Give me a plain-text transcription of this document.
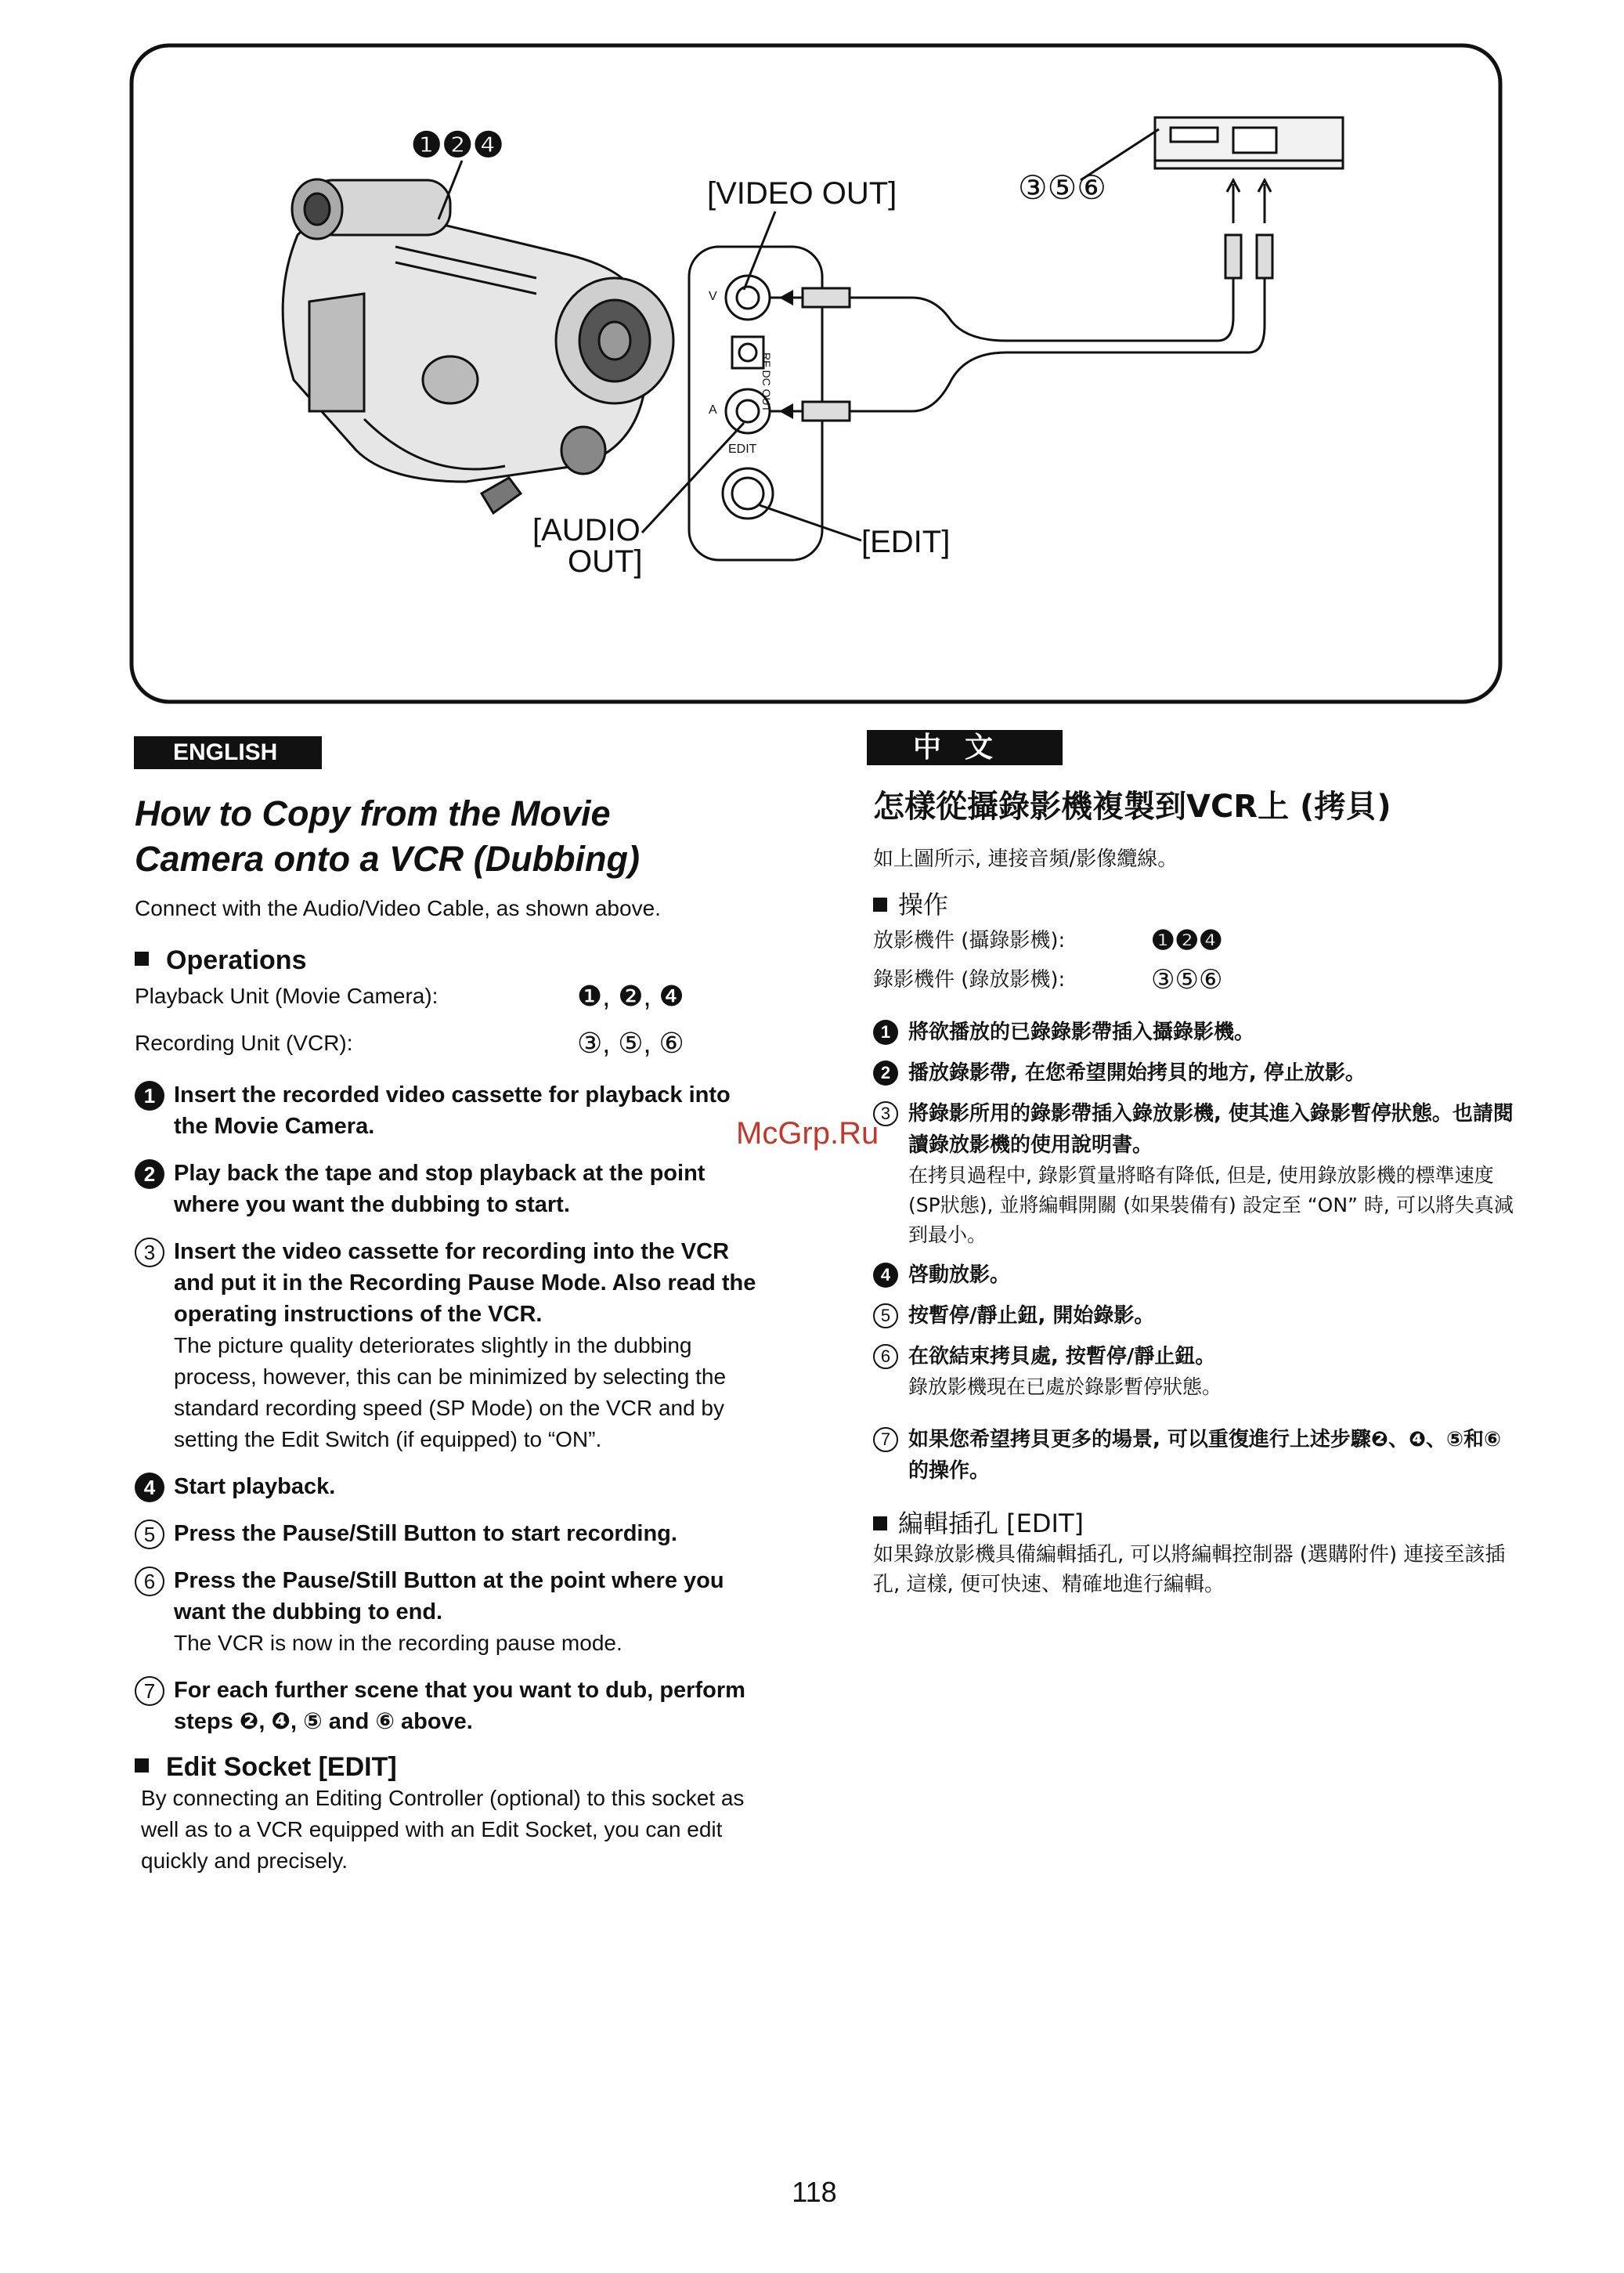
❶❷❹
③⑤⑥
[VIDEO OUT]
[AUDIO
OUT]
[EDIT]
EDIT
RF DC OUT
V
A
ENGLISH	中文
How to Copy from the Movie
Camera onto a VCR (Dubbing)
Connect with the Audio/Video Cable, as shown above.
Operations
Playback Unit (Movie Camera):	❶, ❷, ❹
Recording Unit (VCR):	③, ⑤, ⑥
1 Insert the recorded video cassette for playback into the Movie Camera.
2 Play back the tape and stop playback at the point where you want the dubbing to start.
3 Insert the video cassette for recording into the VCR and put it in the Recording Pause Mode. Also read the operating instructions of the VCR.
The picture quality deteriorates slightly in the dubbing process, however, this can be minimized by selecting the standard recording speed (SP Mode) on the VCR and by setting the Edit Switch (if equipped) to “ON”.
4 Start playback.
5 Press the Pause/Still Button to start recording.
6 Press the Pause/Still Button at the point where you want the dubbing to end.
The VCR is now in the recording pause mode.
7 For each further scene that you want to dub, perform steps ❷, ❹, ⑤ and ⑥ above.
Edit Socket [EDIT]
By connecting an Editing Controller (optional) to this socket as well as to a VCR equipped with an Edit Socket, you can edit quickly and precisely.
怎樣從攝錄影機複製到VCR上 (拷貝)
如上圖所示, 連接音頻/影像纜線。
操作
放影機件 (攝錄影機):	❶❷❹
錄影機件 (錄放影機):	③⑤⑥
1 將欲播放的已錄錄影帶插入攝錄影機。
2 播放錄影帶, 在您希望開始拷貝的地方, 停止放影。
3 將錄影所用的錄影帶插入錄放影機, 使其進入錄影暫停狀態。也請閱讀錄放影機的使用說明書。
在拷貝過程中, 錄影質量將略有降低, 但是, 使用錄放影機的標準速度 (SP狀態), 並將編輯開關 (如果裝備有) 設定至 “ON” 時, 可以將失真減到最小。
4 啓動放影。
5 按暫停/靜止鈕, 開始錄影。
6 在欲結束拷貝處, 按暫停/靜止鈕。
錄放影機現在已處於錄影暫停狀態。
7 如果您希望拷貝更多的場景, 可以重復進行上述步驟❷、❹、⑤和⑥的操作。
編輯插孔 [EDIT]
如果錄放影機具備編輯插孔, 可以將編輯控制器 (選購附件) 連接至該插孔, 這樣, 便可快速、精確地進行編輯。
McGrp.Ru
118
